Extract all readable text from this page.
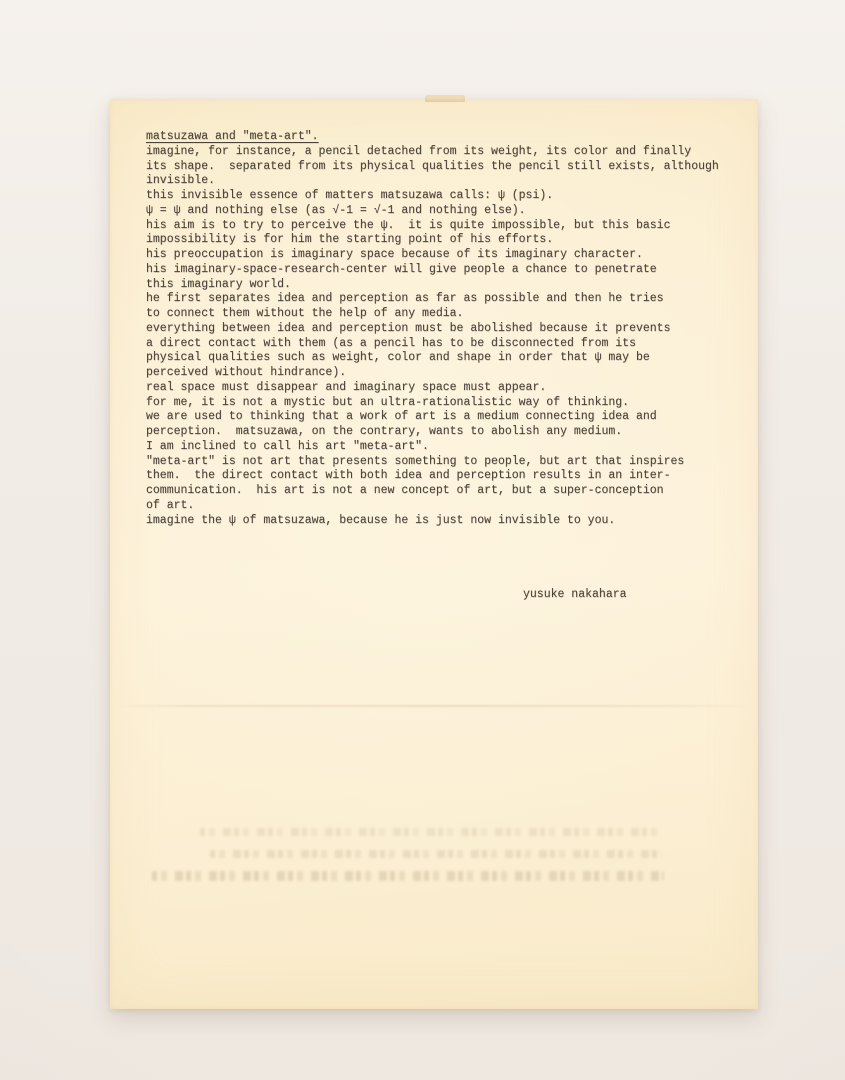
matsuzawa and "meta-art".
imagine, for instance, a pencil detached from its weight, its color and finally
its shape.  separated from its physical qualities the pencil still exists, although
invisible.
this invisible essence of matters matsuzawa calls: ψ (psi).
ψ = ψ and nothing else (as √-1 = √-1 and nothing else).
his aim is to try to perceive the ψ.  it is quite impossible, but this basic
impossibility is for him the starting point of his efforts.
his preoccupation is imaginary space because of its imaginary character.
his imaginary-space-research-center will give people a chance to penetrate
this imaginary world.
he first separates idea and perception as far as possible and then he tries
to connect them without the help of any media.
everything between idea and perception must be abolished because it prevents
a direct contact with them (as a pencil has to be disconnected from its
physical qualities such as weight, color and shape in order that ψ may be
perceived without hindrance).
real space must disappear and imaginary space must appear.
for me, it is not a mystic but an ultra-rationalistic way of thinking.
we are used to thinking that a work of art is a medium connecting idea and
perception.  matsuzawa, on the contrary, wants to abolish any medium.
I am inclined to call his art "meta-art".
"meta-art" is not art that presents something to people, but art that inspires
them.  the direct contact with both idea and perception results in an inter-
communication.  his art is not a new concept of art, but a super-conception
of art.
imagine the ψ of matsuzawa, because he is just now invisible to you.
yusuke nakahara
